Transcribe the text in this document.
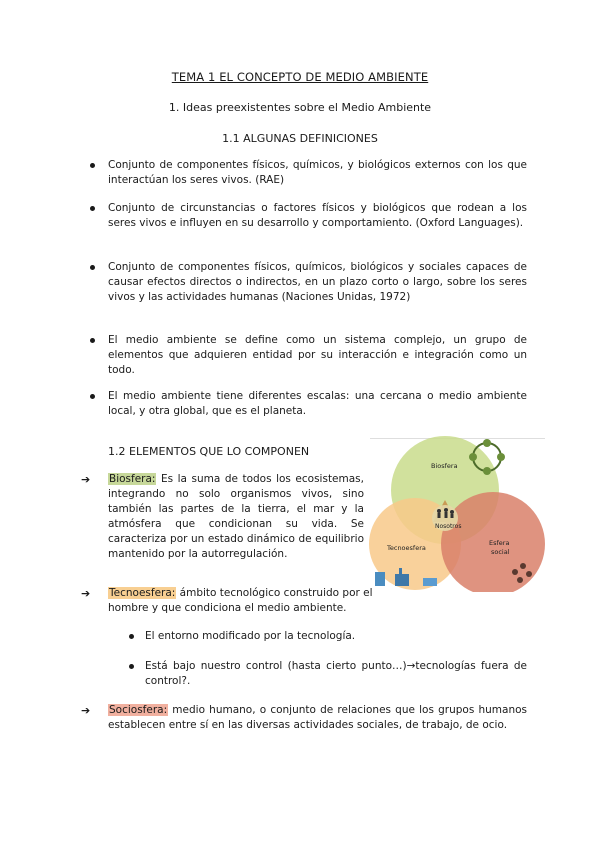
TEMA 1 EL CONCEPTO DE MEDIO AMBIENTE
1. Ideas preexistentes sobre el Medio Ambiente
1.1 ALGUNAS DEFINICIONES
Conjunto de componentes físicos, químicos, y biológicos externos con los que interactúan los seres vivos. (RAE)
Conjunto de circunstancias o factores físicos y biológicos que rodean a los seres vivos e influyen en su desarrollo y comportamiento. (Oxford Languages).
Conjunto de componentes físicos, químicos, biológicos y sociales capaces de causar efectos directos o indirectos, en un plazo corto o largo, sobre los seres vivos y las actividades humanas (Naciones Unidas, 1972)
El medio ambiente se define como un sistema complejo, un grupo de elementos que adquieren entidad por su interacción e integración como un todo.
El medio ambiente tiene diferentes escalas: una cercana o medio ambiente local, y otra global, que es el planeta.
1.2 ELEMENTOS QUE LO COMPONEN
➔ Biosfera: Es la suma de todos los ecosistemas, integrando no solo organismos vivos, sino también las partes de la tierra, el mar y la atmósfera que condicionan su vida. Se caracteriza por un estado dinámico de equilibrio mantenido por la autorregulación.
➔ Tecnoesfera: ámbito tecnológico construido por el hombre y que condiciona el medio ambiente.
El entorno modificado por la tecnología.
Está bajo nuestro control (hasta cierto punto…)→tecnologías fuera de control?.
➔ Sociosfera: medio humano, o conjunto de relaciones que los grupos humanos establecen entre sí en las diversas actividades sociales, de trabajo, de ocio.
Biosfera
Tecnoesfera
Esfera
social
Nosotros
